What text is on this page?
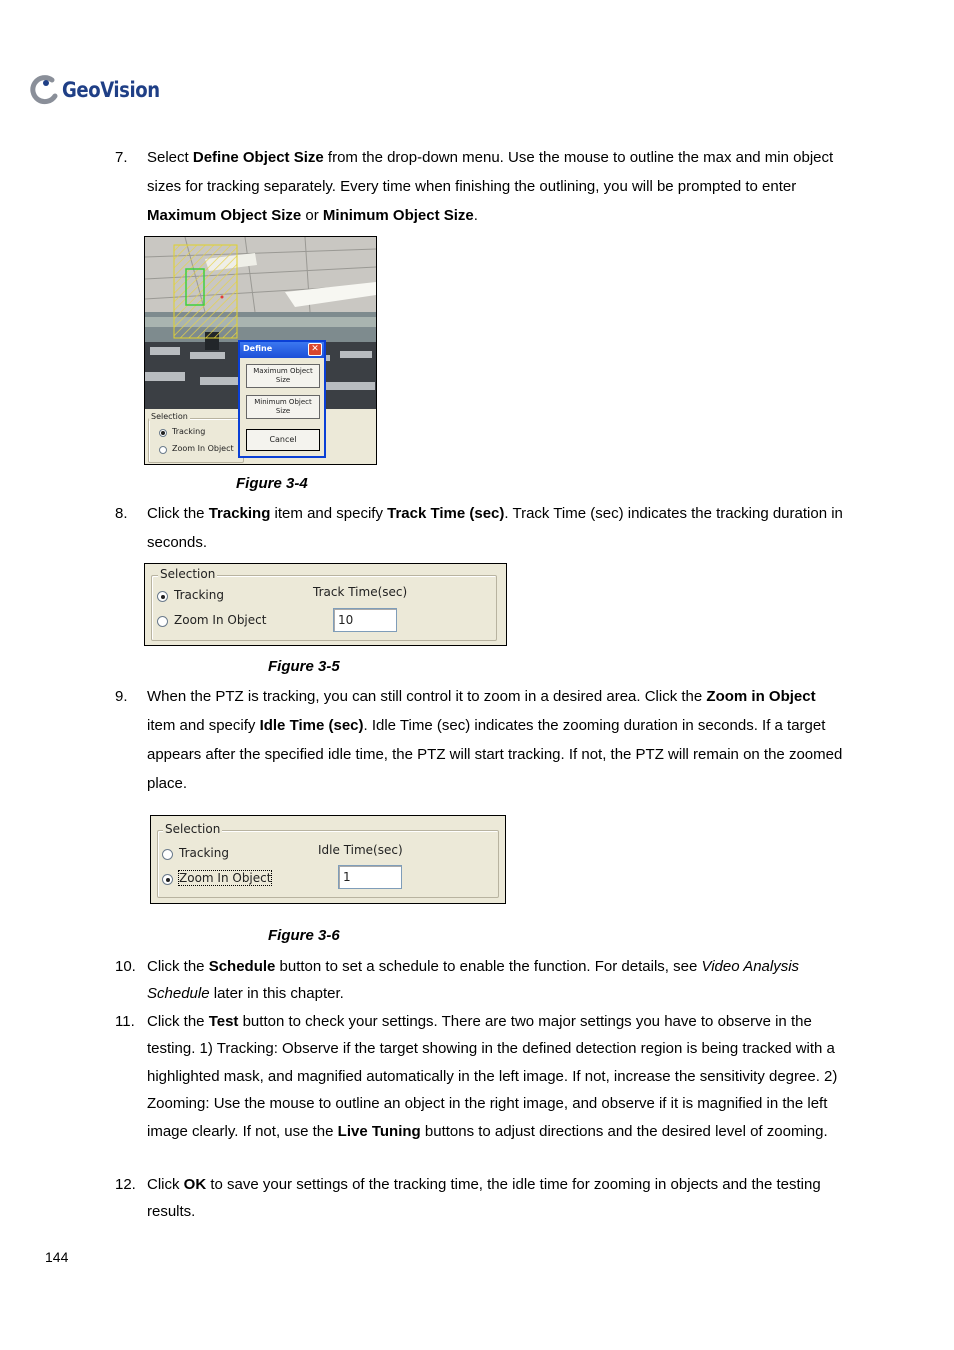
GeoVision
7. Select Define Object Size from the drop-down menu. Use the mouse to outline the max and min object sizes for tracking separately. Every time when finishing the outlining, you will be prompted to enter Maximum Object Size or Minimum Object Size.
Selection
Tracking
Zoom In Object
Define	✕
Maximum Object Size
Minimum Object Size
Cancel
Figure 3-4
8. Click the Tracking item and specify Track Time (sec). Track Time (sec) indicates the tracking duration in seconds.
Selection
Tracking
Zoom In Object
Track Time(sec)
10
Figure 3-5
9. When the PTZ is tracking, you can still control it to zoom in a desired area. Click the Zoom in Object item and specify Idle Time (sec). Idle Time (sec) indicates the zooming duration in seconds. If a target appears after the specified idle time, the PTZ will start tracking. If not, the PTZ will remain on the zoomed place.
Selection
Tracking
Zoom In Object
Idle Time(sec)
1
Figure 3-6
10. Click the Schedule button to set a schedule to enable the function. For details, see Video Analysis Schedule later in this chapter.
11. Click the Test button to check your settings. There are two major settings you have to observe in the testing. 1) Tracking: Observe if the target showing in the defined detection region is being tracked with a highlighted mask, and magnified automatically in the left image. If not, increase the sensitivity degree. 2) Zooming: Use the mouse to outline an object in the right image, and observe if it is magnified in the left image clearly. If not, use the Live Tuning buttons to adjust directions and the desired level of zooming.
12. Click OK to save your settings of the tracking time, the idle time for zooming in objects and the testing results.
144
